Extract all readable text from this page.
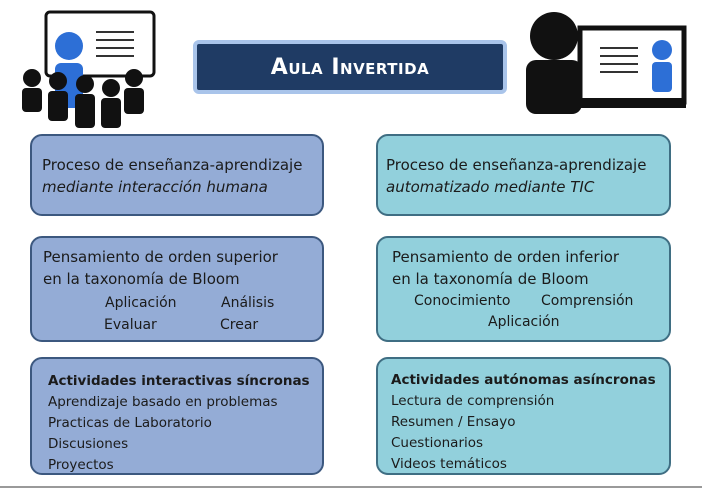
Aula Invertida
Proceso de enseñanza-aprendizaje
mediante interacción humana
Pensamiento de orden superior
en la taxonomía de Bloom
Aplicación	Análisis
Evaluar	Crear
Actividades interactivas síncronas
Aprendizaje basado en problemas
Practicas de Laboratorio
Discusiones
Proyectos
Proceso de enseñanza-aprendizaje
automatizado mediante TIC
Pensamiento de orden inferior
en la taxonomía de Bloom
Conocimiento Comprensión
Aplicación
Actividades autónomas asíncronas
Lectura de comprensión
Resumen / Ensayo
Cuestionarios
Videos temáticos
